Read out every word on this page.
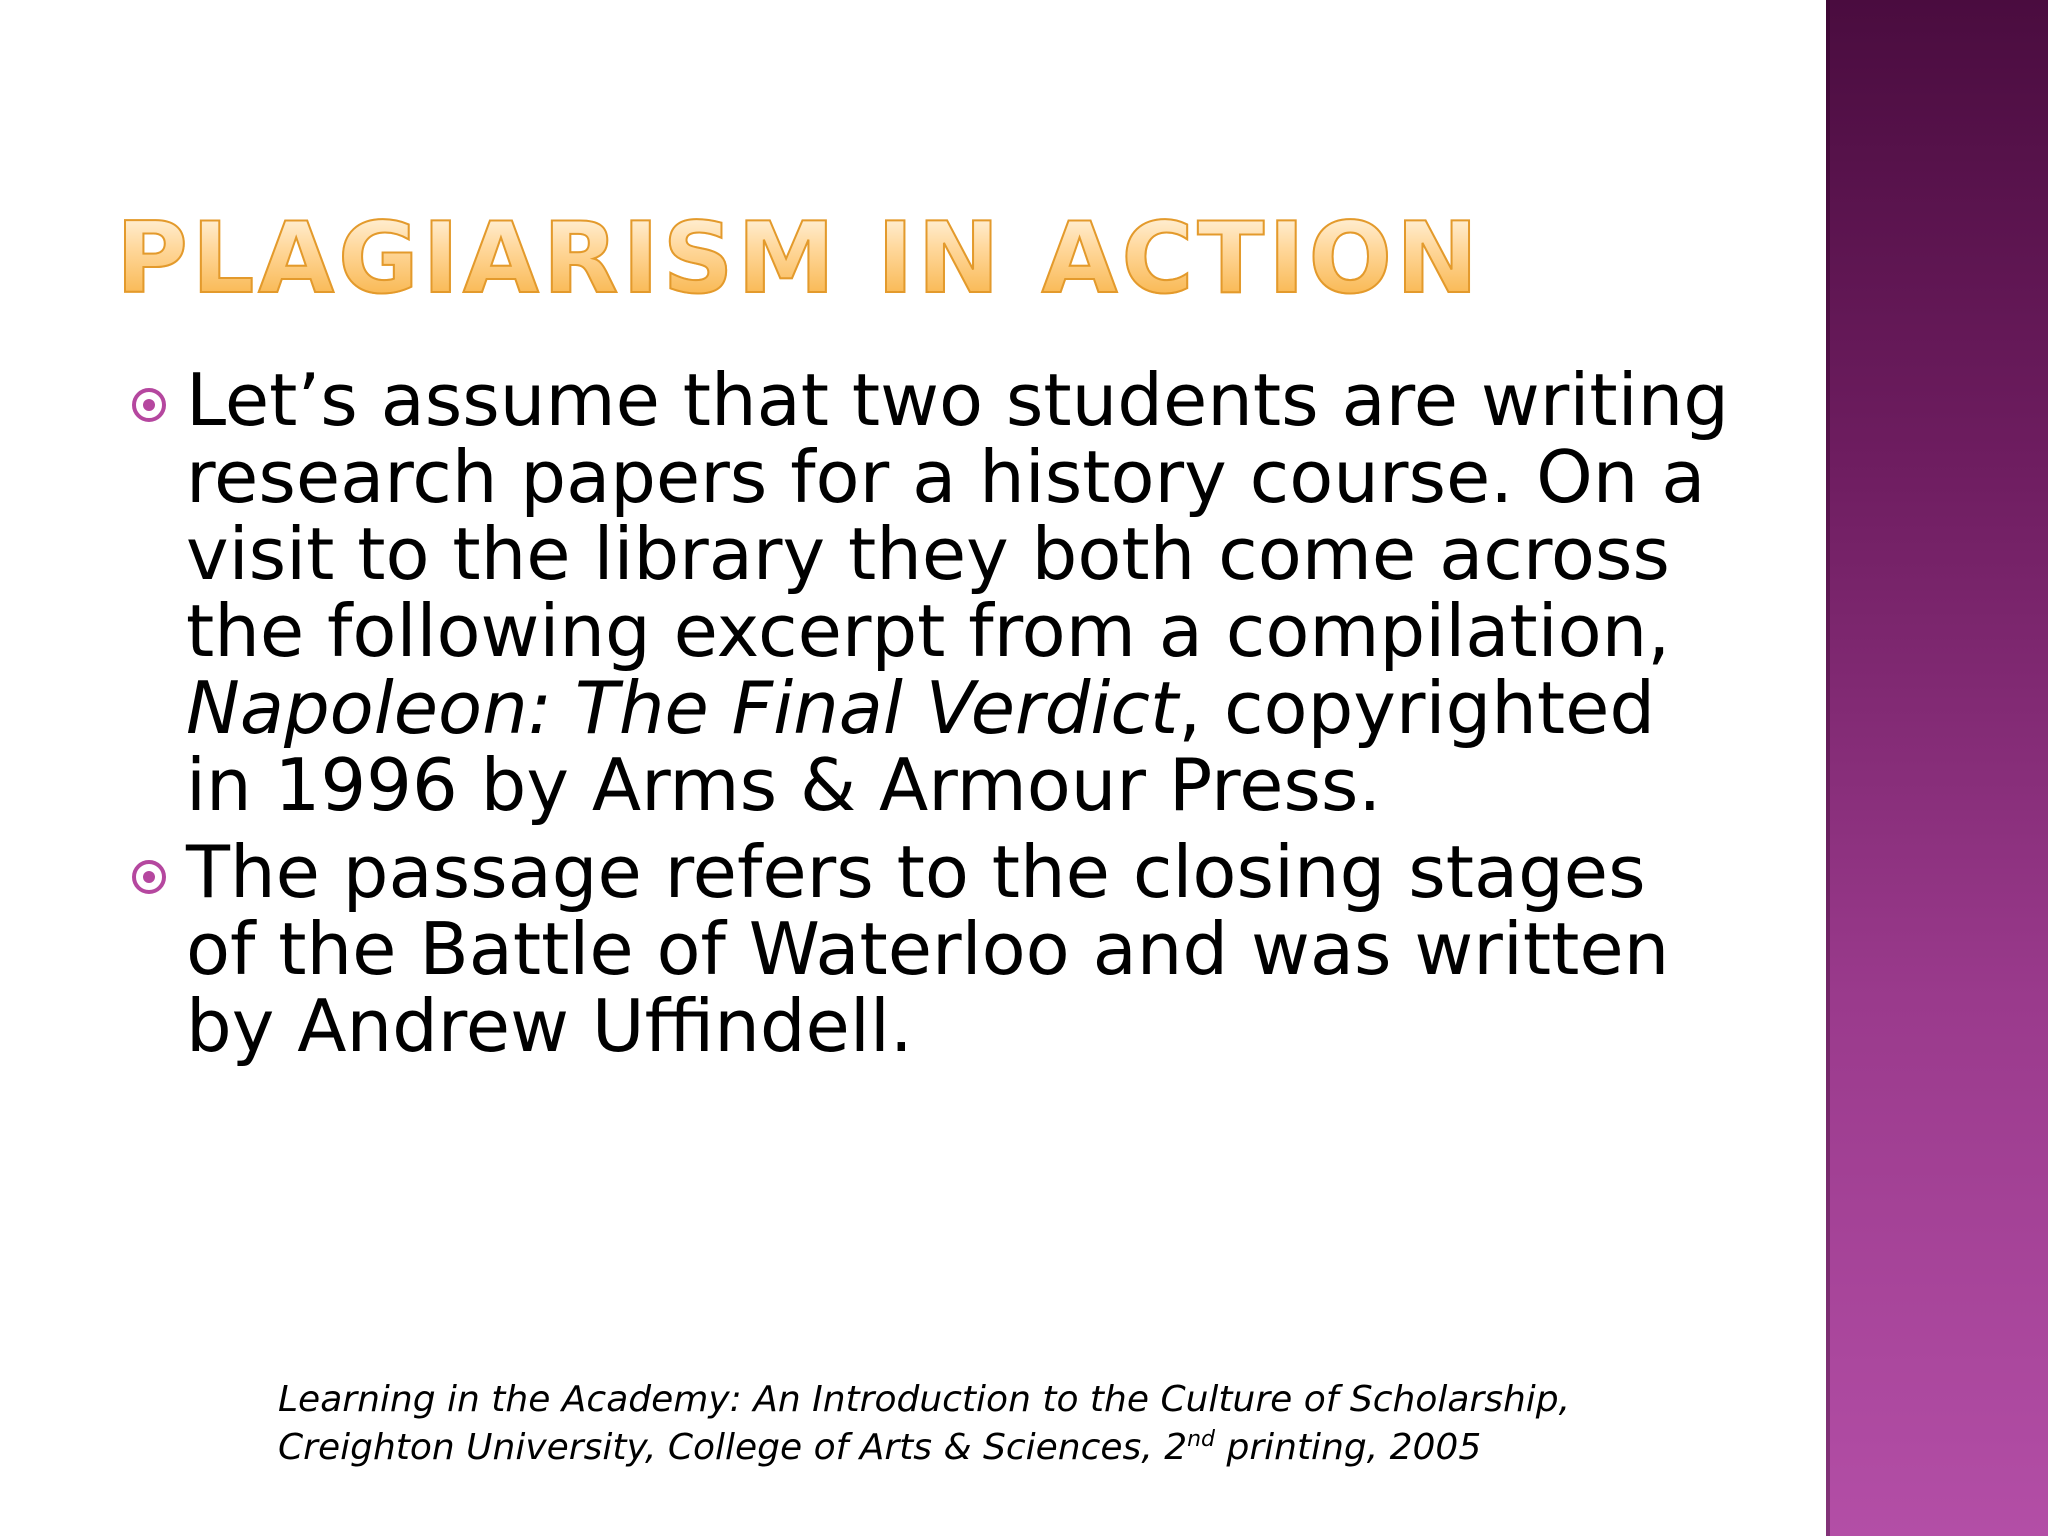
PLAGIARISM IN ACTION
Let’s assume that two students are writing research papers for a history course. On a visit to the library they both come across the following excerpt from a compilation, Napoleon: The Final Verdict, copyrighted in 1996 by Arms & Armour Press.
The passage refers to the closing stages of the Battle of Waterloo and was written by Andrew Uffindell.

Learning in the Academy: An Introduction to the Culture of Scholarship, Creighton University, College of Arts & Sciences, 2nd printing, 2005
